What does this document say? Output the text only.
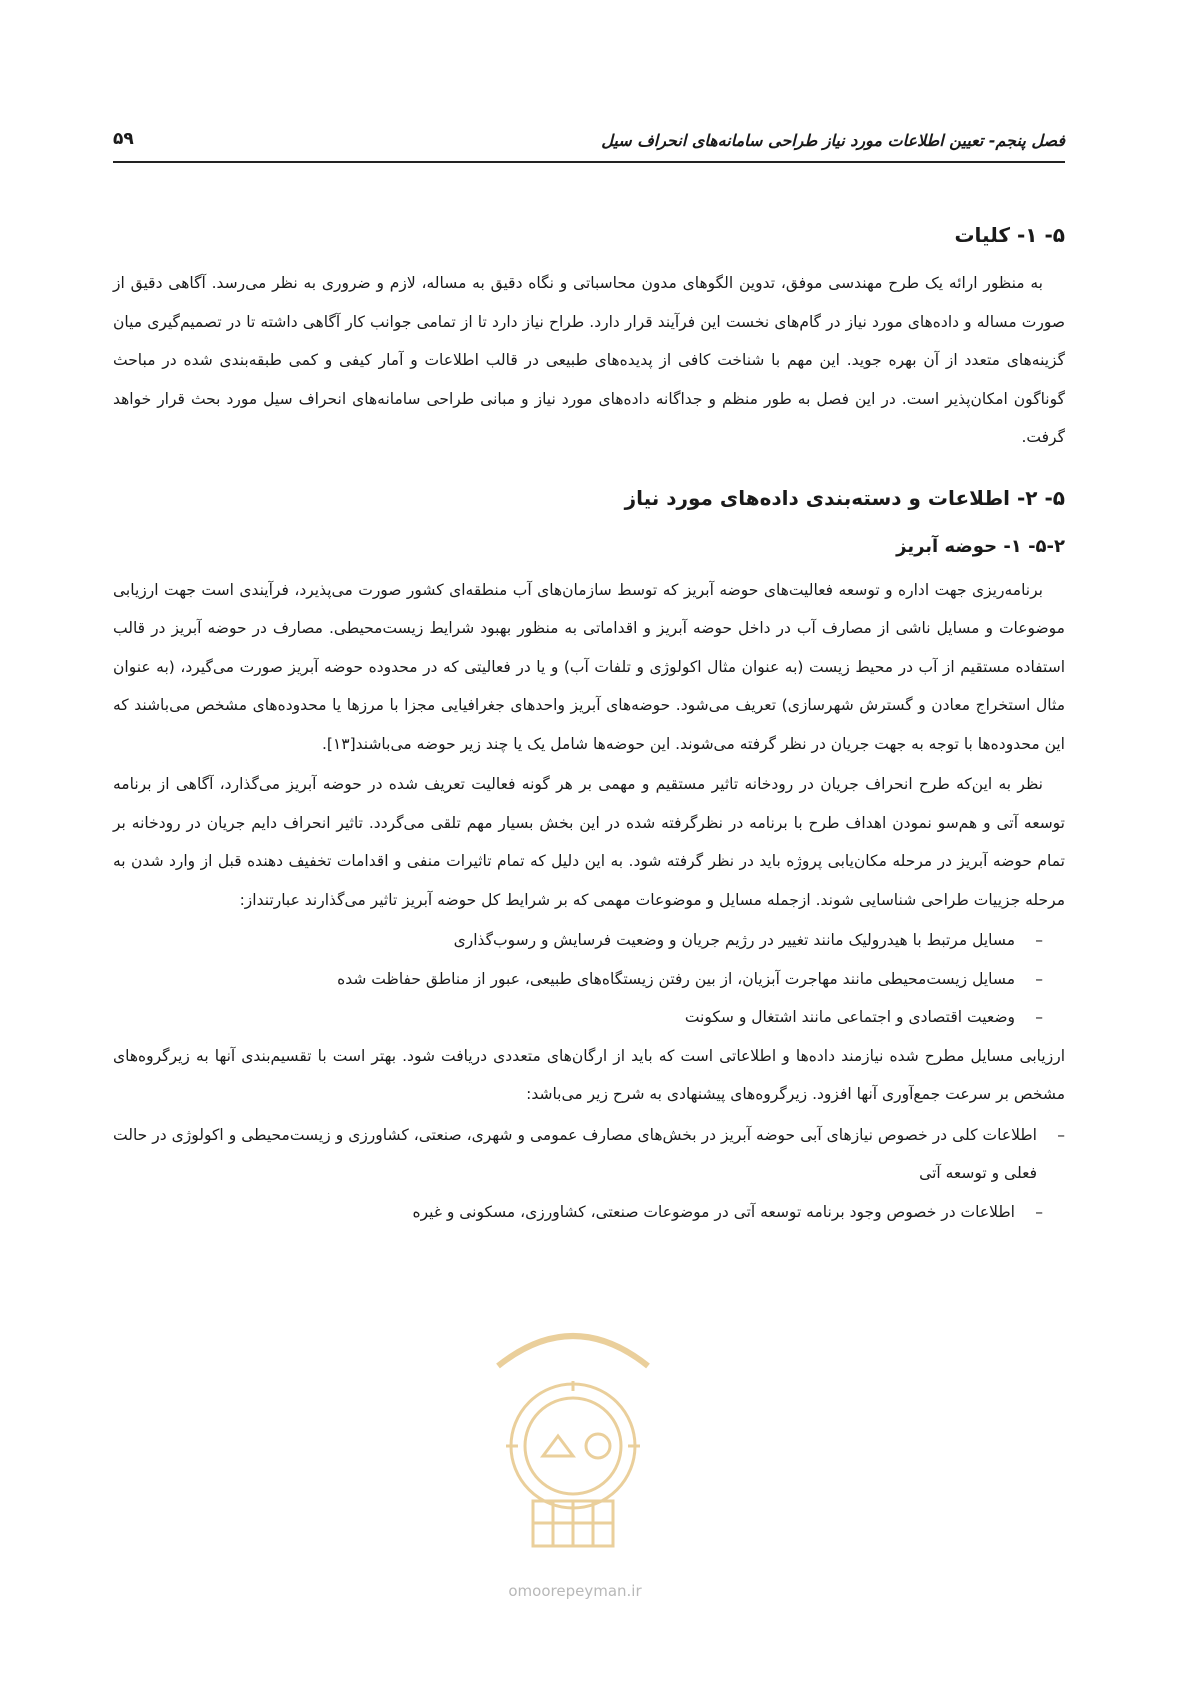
فصل پنجم- تعیین اطلاعات مورد نیاز طراحی سامانه‌های انحراف سیل
۵۹
۵- ۱- کلیات

به منظور ارائه یک طرح مهندسی موفق، تدوین الگوهای مدون محاسباتی و نگاه دقیق به مساله، لازم و ضروری به نظر می‌رسد. آگاهی دقیق از صورت مساله و داده‌های مورد نیاز در گام‌های نخست این فرآیند قرار دارد. طراح نیاز دارد تا از تمامی جوانب کار آگاهی داشته تا در تصمیم‌گیری میان گزینه‌های متعدد از آن بهره جوید. این مهم با شناخت کافی از پدیده‌های طبیعی در قالب اطلاعات و آمار کیفی و کمی طبقه‌بندی شده در مباحث گوناگون امکان‌پذیر است. در این فصل به طور منظم و جداگانه داده‌های مورد نیاز و مبانی طراحی سامانه‌های انحراف سیل مورد بحث قرار خواهد گرفت.

۵- ۲- اطلاعات و دسته‌بندی داده‌های مورد نیاز
۵-۲- ۱- حوضه آبریز

برنامه‌ریزی جهت اداره و توسعه فعالیت‌های حوضه آبریز که توسط سازمان‌های آب منطقه‌ای کشور صورت می‌پذیرد، فرآیندی است جهت ارزیابی موضوعات و مسایل ناشی از مصارف آب در داخل حوضه آبریز و اقداماتی به منظور بهبود شرایط زیست‌محیطی. مصارف در حوضه آبریز در قالب استفاده مستقیم از آب در محیط زیست (به عنوان مثال اکولوژی و تلفات آب) و یا در فعالیتی که در محدوده حوضه آبریز صورت می‌گیرد، (به عنوان مثال استخراج معادن و گسترش شهرسازی) تعریف می‌شود. حوضه‌های آبریز واحدهای جغرافیایی مجزا با مرزها یا محدوده‌های مشخص می‌باشند که این محدوده‌ها با توجه به جهت جریان در نظر گرفته می‌شوند. این حوضه‌ها شامل یک یا چند زیر حوضه می‌باشند[۱۳].

نظر به این‌که طرح انحراف جریان در رودخانه تاثیر مستقیم و مهمی بر هر گونه فعالیت تعریف شده در حوضه آبریز می‌گذارد، آگاهی از برنامه توسعه آتی و هم‌سو نمودن اهداف طرح با برنامه در نظرگرفته شده در این بخش بسیار مهم تلقی می‌گردد. تاثیر انحراف دایم جریان در رودخانه بر تمام حوضه آبریز در مرحله مکان‌یابی پروژه باید در نظر گرفته شود. به این دلیل که تمام تاثیرات منفی و اقدامات تخفیف دهنده قبل از وارد شدن به مرحله جزییات طراحی شناسایی شوند. ازجمله مسایل و موضوعات مهمی که بر شرایط کل حوضه آبریز تاثیر می‌گذارند عبارتنداز:

–
مسایل مرتبط با هیدرولیک مانند تغییر در رژیم جریان و وضعیت فرسایش و رسوب‌گذاری
–
مسایل زیست‌محیطی مانند مهاجرت آبزیان، از بین رفتن زیستگاه‌های طبیعی، عبور از مناطق حفاظت شده
–
وضعیت اقتصادی و اجتماعی مانند اشتغال و سکونت

ارزیابی مسایل مطرح شده نیازمند داده‌ها و اطلاعاتی است که باید از ارگان‌های متعددی دریافت شود. بهتر است با تقسیم‌بندی آنها به زیرگروه‌های مشخص بر سرعت جمع‌آوری آنها افزود. زیرگروه‌های پیشنهادی به شرح زیر می‌باشد:

–
اطلاعات کلی در خصوص نیازهای آبی حوضه آبریز در بخش‌های مصارف عمومی و شهری، صنعتی، کشاورزی و زیست‌محیطی و اکولوژی در حالت فعلی و توسعه آتی
–
اطلاعات در خصوص وجود برنامه توسعه آتی در موضوعات صنعتی، کشاورزی، مسکونی و غیره
omoorepeyman.ir
